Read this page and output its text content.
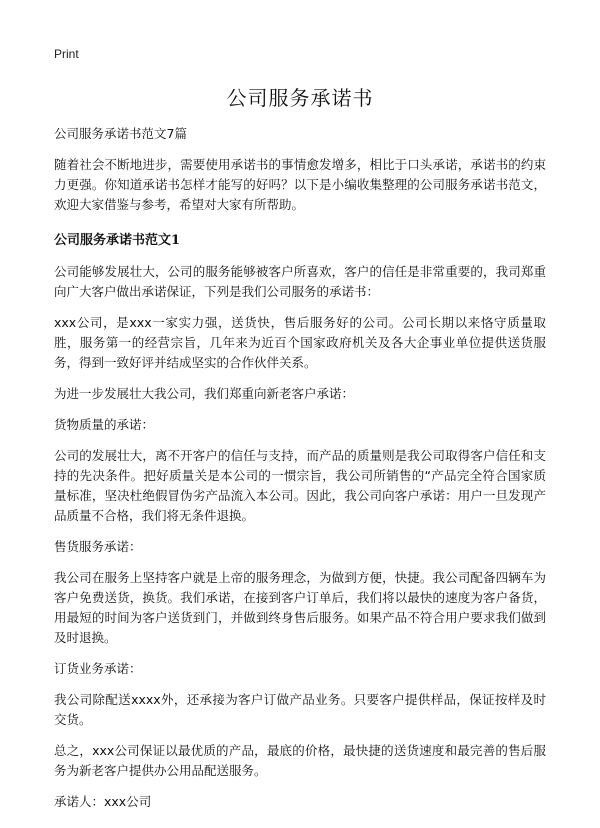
Print
公司服务承诺书

公司服务承诺书范文7篇

随着社会不断地进步，需要使用承诺书的事情愈发增多，相比于口头承诺，承诺书的约束力更强。你知道承诺书怎样才能写的好吗？以下是小编收集整理的公司服务承诺书范文，欢迎大家借鉴与参考，希望对大家有所帮助。

公司服务承诺书范文1

公司能够发展壮大，公司的服务能够被客户所喜欢，客户的信任是非常重要的，我司郑重向广大客户做出承诺保证，下列是我们公司服务的承诺书：

xxx公司，是xxx一家实力强，送货快，售后服务好的公司。公司长期以来恪守质量取胜，服务第一的经营宗旨，几年来为近百个国家政府机关及各大企事业单位提供送货服务，得到一致好评并结成坚实的合作伙伴关系。

为进一步发展壮大我公司，我们郑重向新老客户承诺：

货物质量的承诺：

公司的发展壮大，离不开客户的信任与支持，而产品的质量则是我公司取得客户信任和支持的先决条件。把好质量关是本公司的一惯宗旨，我公司所销售的“产品完全符合国家质量标准，坚决杜绝假冒伪劣产品流入本公司。因此，我公司向客户承诺：用户一旦发现产品质量不合格，我们将无条件退换。

售货服务承诺：

我公司在服务上坚持客户就是上帝的服务理念，为做到方便，快捷。我公司配备四辆车为客户免费送货，换货。我们承诺，在接到客户订单后，我们将以最快的速度为客户备货，用最短的时间为客户送货到门，并做到终身售后服务。如果产品不符合用户要求我们做到及时退换。

订货业务承诺：

我公司除配送xxxx外，还承接为客户订做产品业务。只要客户提供样品，保证按样及时交货。

总之，xxx公司保证以最优质的产品，最底的价格，最快捷的送货速度和最完善的售后服务为新老客户提供办公用品配送服务。

承诺人：xxx公司
